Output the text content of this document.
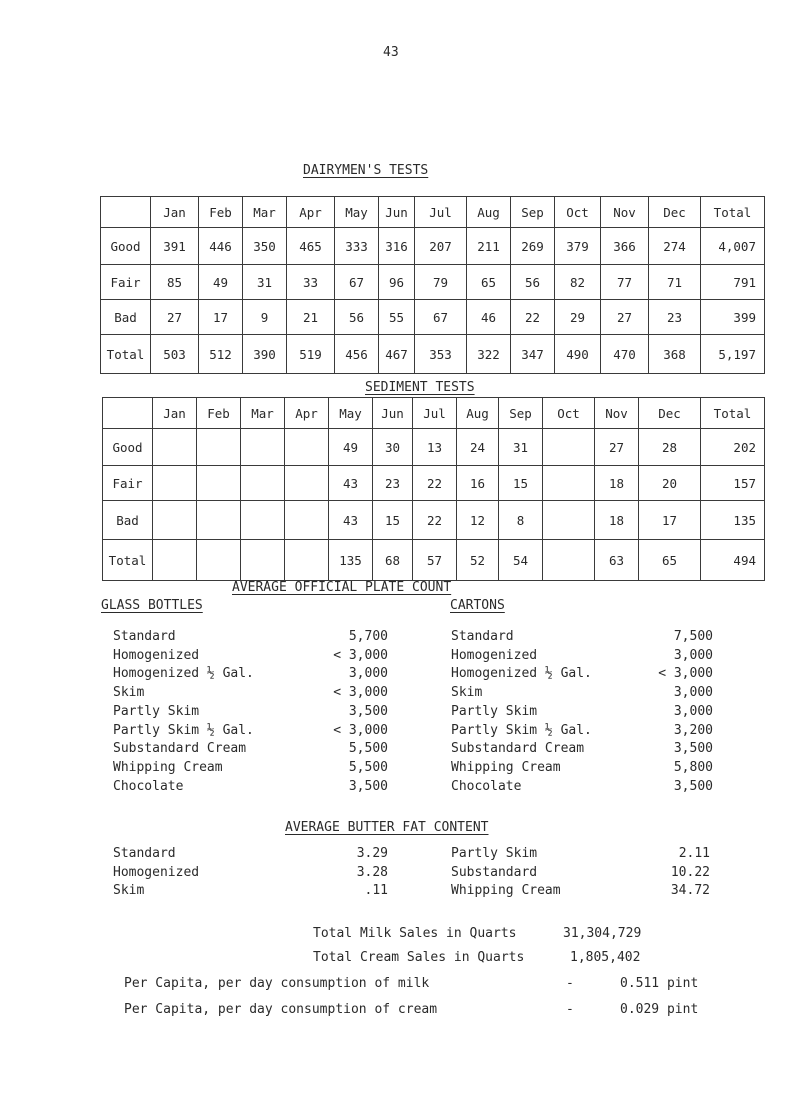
43
DAIRYMEN'S TESTS
	Jan	Feb	Mar	Apr	May	Jun	Jul	Aug	Sep	Oct	Nov	Dec	Total
Good	391	446	350	465	333	316	207	211	269	379	366	274	4,007
Fair	85	49	31	33	67	96	79	65	56	82	77	71	791
Bad	27	17	9	21	56	55	67	46	22	29	27	23	399
Total	503	512	390	519	456	467	353	322	347	490	470	368	5,197
SEDIMENT TESTS
	Jan	Feb	Mar	Apr	May	Jun	Jul	Aug	Sep	Oct	Nov	Dec	Total
Good					49	30	13	24	31		27	28	202
Fair					43	23	22	16	15		18	20	157
Bad					43	15	22	12	8		18	17	135
Total					135	68	57	52	54		63	65	494
AVERAGE OFFICIAL PLATE COUNT
GLASS BOTTLES	CARTONS
Standard	5,700
Homogenized	< 3,000
Homogenized ½ Gal.	3,000
Skim	< 3,000
Partly Skim	3,500
Partly Skim ½ Gal.	< 3,000
Substandard Cream	5,500
Whipping Cream	5,500
Chocolate	3,500
Standard	7,500
Homogenized	3,000
Homogenized ½ Gal.	< 3,000
Skim	3,000
Partly Skim	3,000
Partly Skim ½ Gal.	3,200
Substandard Cream	3,500
Whipping Cream	5,800
Chocolate	3,500
AVERAGE BUTTER FAT CONTENT
Standard	3.29
Homogenized	3.28
Skim	.11
Partly Skim	2.11
Substandard	10.22
Whipping Cream	34.72
Total Milk Sales in Quarts	31,304,729
Total Cream Sales in Quarts	1,805,402
Per Capita, per day consumption of milk	-	0.511 pint
Per Capita, per day consumption of cream	-	0.029 pint
